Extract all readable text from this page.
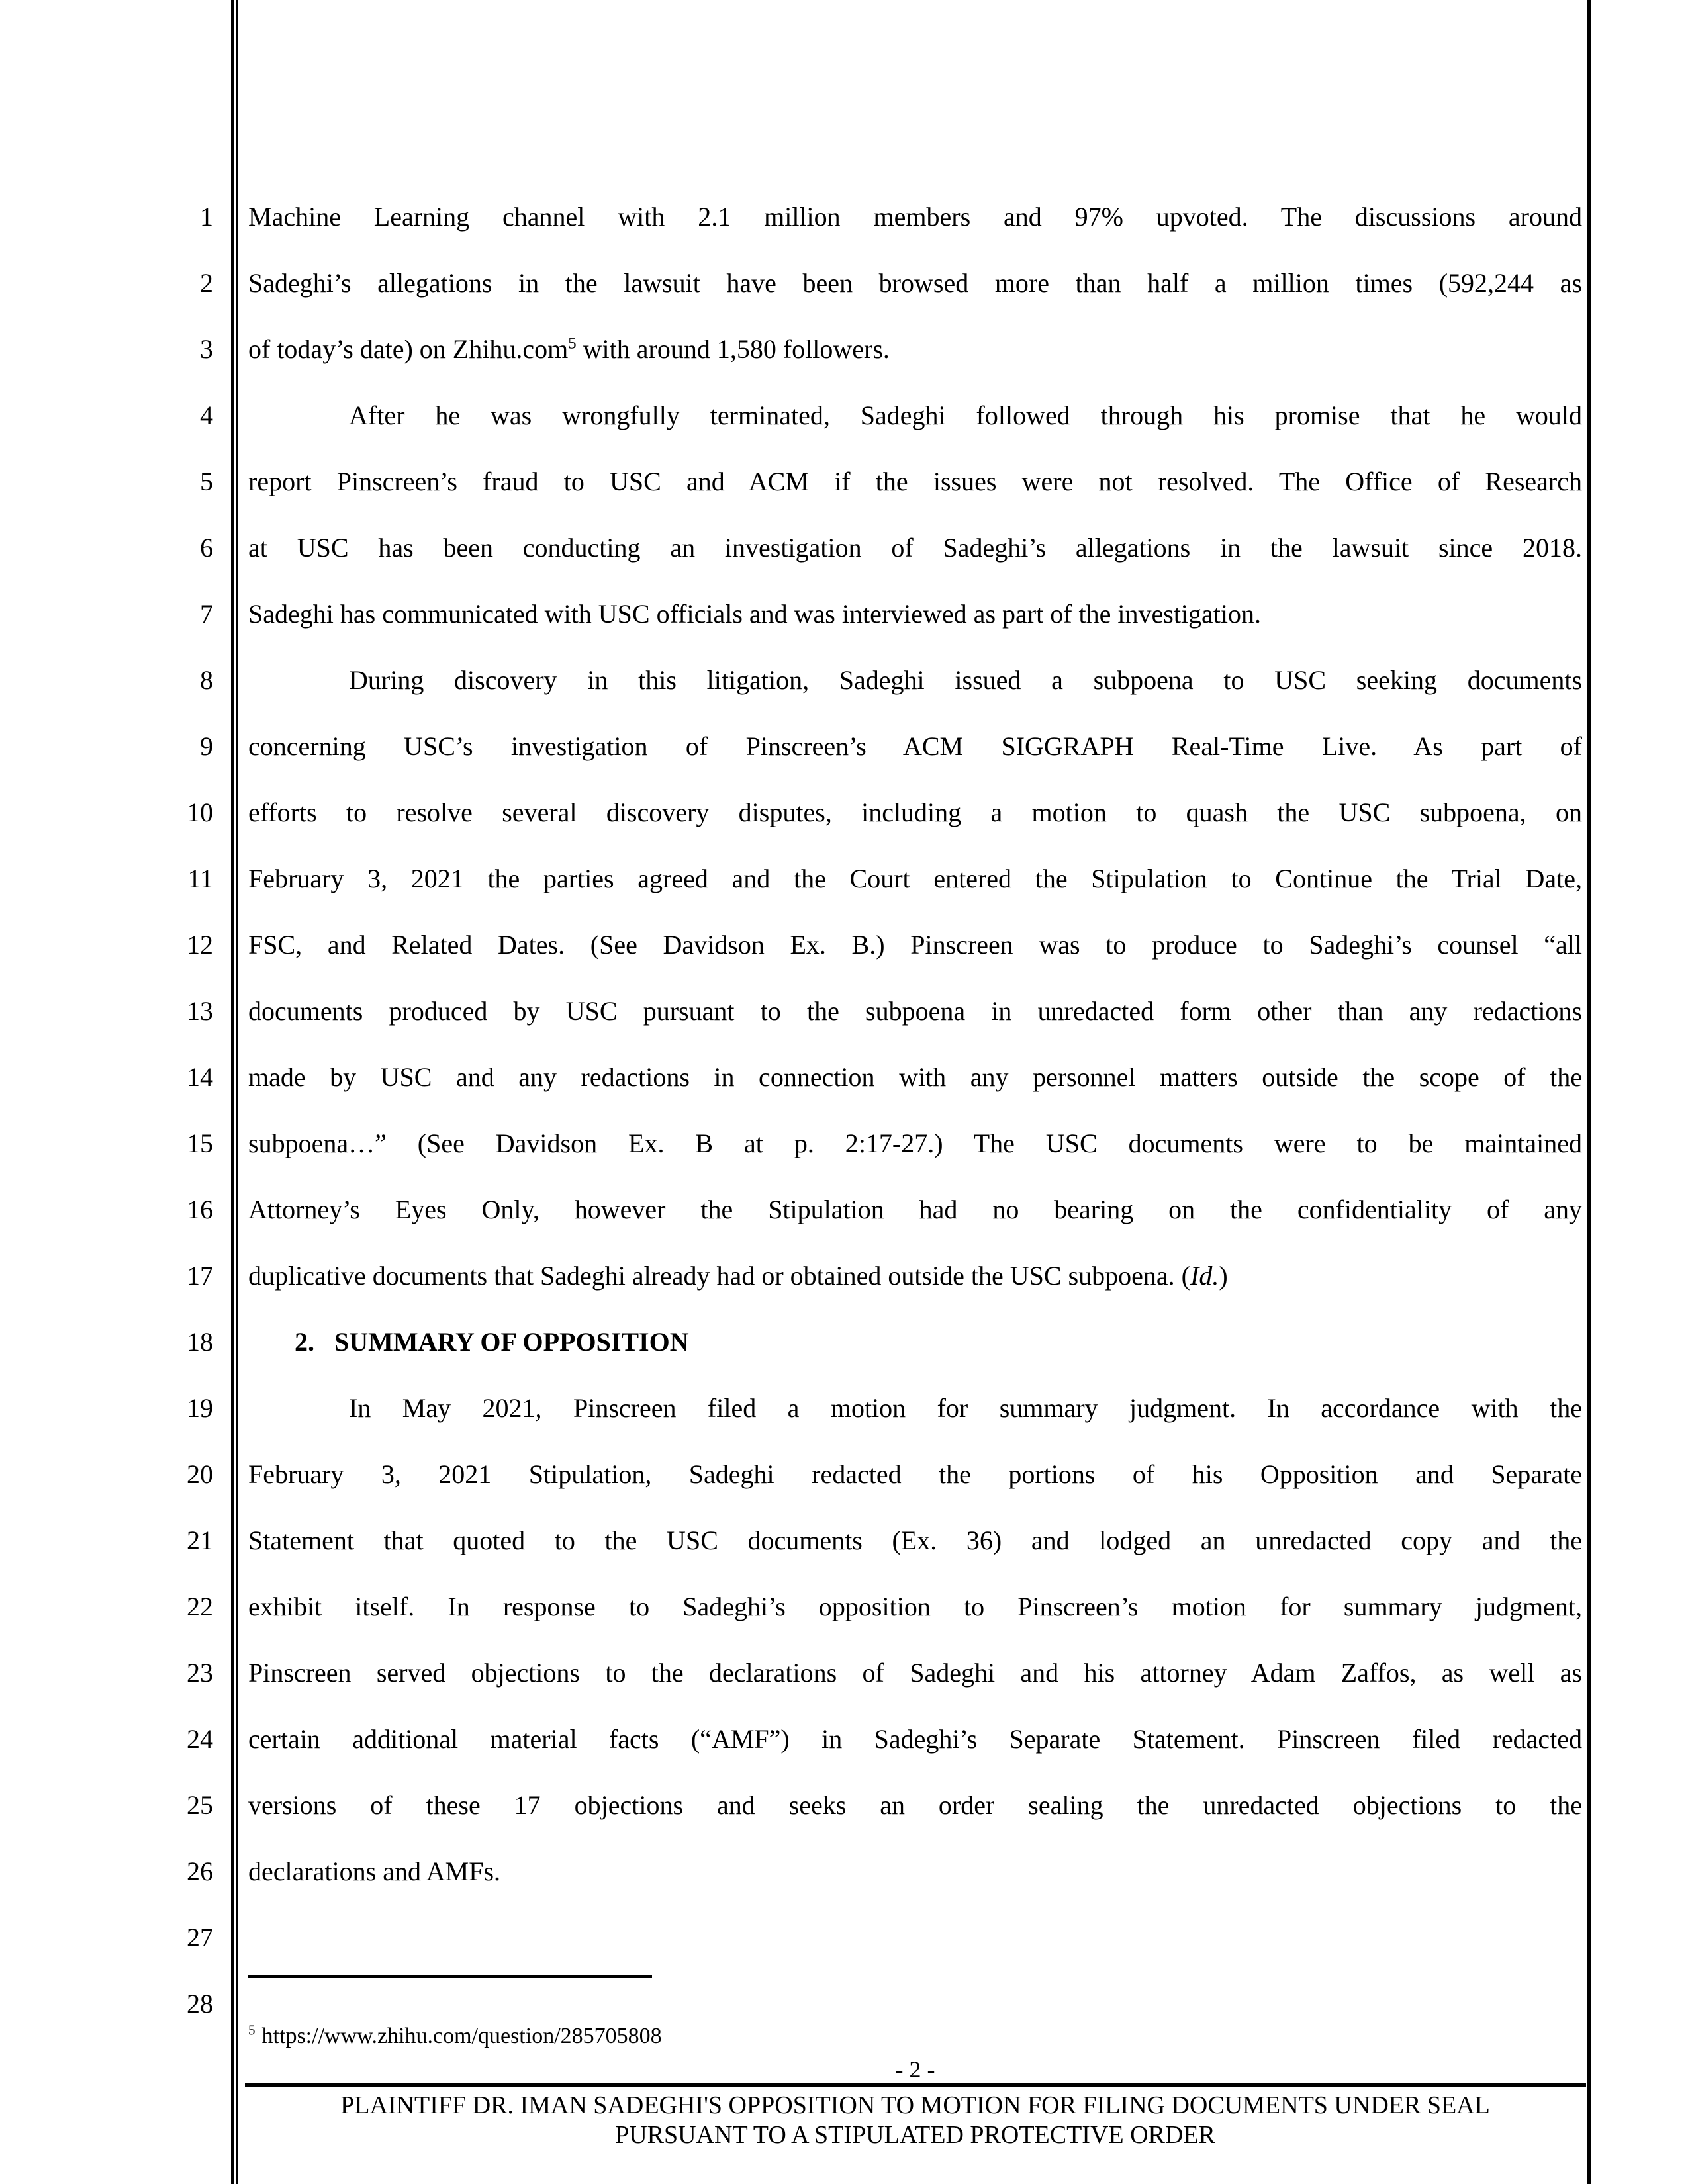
1 Machine Learning channel with 2.1 million members and 97% upvoted. The discussions around
2 Sadeghi’s allegations in the lawsuit have been browsed more than half a million times (592,244 as
3 of today’s date) on Zhihu.com$^5$ with around 1,580 followers.
4	After he was wrongfully terminated, Sadeghi followed through his promise that he would
5 report Pinscreen’s fraud to USC and ACM if the issues were not resolved. The Office of Research
6 at USC has been conducting an investigation of Sadeghi’s allegations in the lawsuit since 2018.
7 Sadeghi has communicated with USC officials and was interviewed as part of the investigation.
8	During discovery in this litigation, Sadeghi issued a subpoena to USC seeking documents
9 concerning USC’s investigation of Pinscreen’s ACM SIGGRAPH Real-Time Live. As part of
10 efforts to resolve several discovery disputes, including a motion to quash the USC subpoena, on
11 February 3, 2021 the parties agreed and the Court entered the Stipulation to Continue the Trial Date,
12 FSC, and Related Dates. (See Davidson Ex. B.) Pinscreen was to produce to Sadeghi’s counsel “all
13 documents produced by USC pursuant to the subpoena in unredacted form other than any redactions
14 made by USC and any redactions in connection with any personnel matters outside the scope of the
15 subpoena…” (See Davidson Ex. B at p. 2:17-27.) The USC documents were to be maintained
16 Attorney’s Eyes Only, however the Stipulation had no bearing on the confidentiality of any
17 duplicative documents that Sadeghi already had or obtained outside the USC subpoena. (Id.)
18	2. SUMMARY OF OPPOSITION
19	In May 2021, Pinscreen filed a motion for summary judgment. In accordance with the
20 February 3, 2021 Stipulation, Sadeghi redacted the portions of his Opposition and Separate
21 Statement that quoted to the USC documents (Ex. 36) and lodged an unredacted copy and the
22 exhibit itself. In response to Sadeghi’s opposition to Pinscreen’s motion for summary judgment,
23 Pinscreen served objections to the declarations of Sadeghi and his attorney Adam Zaffos, as well as
24 certain additional material facts (“AMF”) in Sadeghi’s Separate Statement. Pinscreen filed redacted
25 versions of these 17 objections and seeks an order sealing the unredacted objections to the
26 declarations and AMFs.
27
28
$^5$ https://www.zhihu.com/question/285705808
- 2 -
PLAINTIFF DR. IMAN SADEGHI'S OPPOSITION TO MOTION FOR FILING DOCUMENTS UNDER SEAL
PURSUANT TO A STIPULATED PROTECTIVE ORDER
